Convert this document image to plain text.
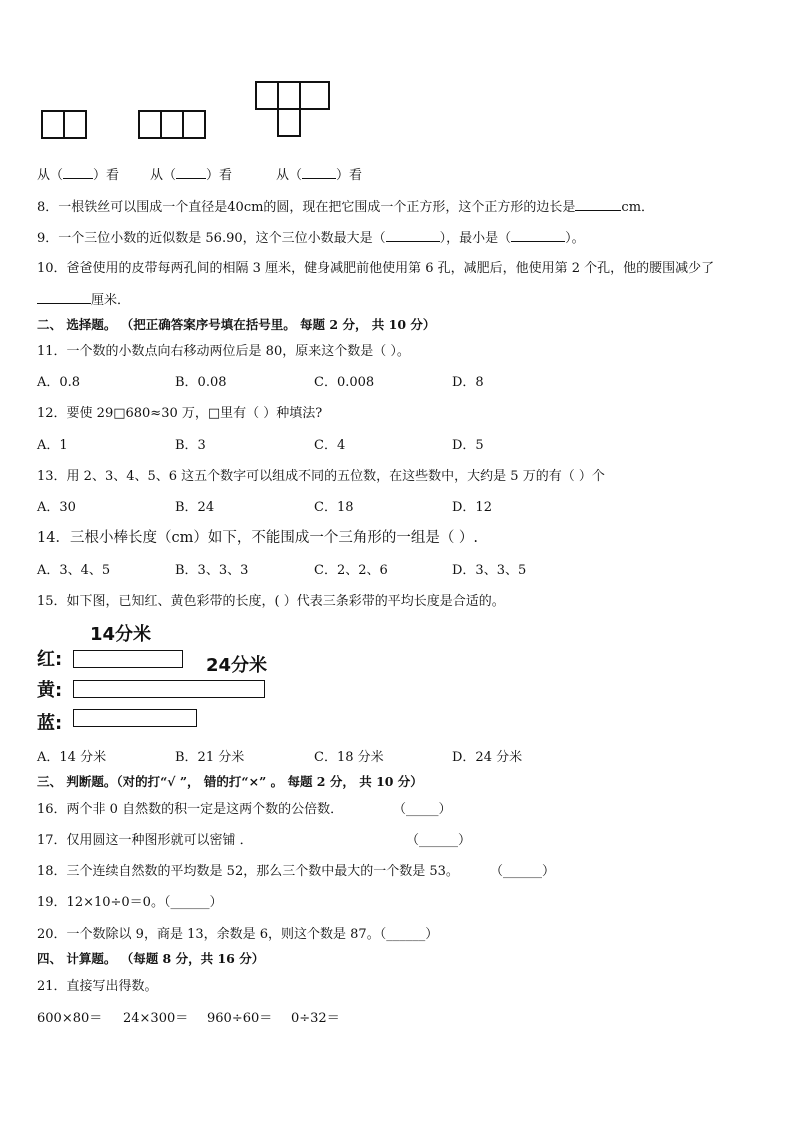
从（ ）看 从（ ）看	从（	）看
8．一根铁丝可以围成一个直径是40cm的圆，现在把它围成一个正方形，这个正方形的边长是	cm．
9．一个三位小数的近似数是 56.90，这个三位小数最大是（	），最小是（	）。
10．爸爸使用的皮带每两孔间的相隔 3 厘米，健身减肥前他使用第 6 孔，减肥后，他使用第 2 个孔，他的腰围减少了
厘米．
二、 选择题。 （把正确答案序号填在括号里。 每题 2 分， 共 10 分）
11．一个数的小数点向右移动两位后是 80，原来这个数是（ ）。
A．0.8	B．0.08	C．0.008	D．8
12．要使 29□680≈30 万，□里有（ ）种填法?
A．1	B．3	C．4	D．5
13．用 2、3、4、5、6 这五个数字可以组成不同的五位数，在这些数中，大约是 5 万的有（ ）个
A．30	B．24	C．18	D．12
14．三根小棒长度（cm）如下，不能围成一个三角形的一组是（ ）.
A．3、4、5	B．3、3、3	C．2、2、6	D．3、3、5
15．如下图，已知红、黄色彩带的长度，( ）代表三条彩带的平均长度是合适的。
14分米
红:	24分米
黄:
蓝:
A．14 分米	B．21 分米	C．18 分米	D．24 分米
三、 判断题。（对的打“√ ”， 错的打“×” 。 每题 2 分， 共 10 分）
16．两个非 0 自然数的积一定是这两个数的公倍数．	（_____）
17．仅用圆这一种图形就可以密铺 ．	（______）
18．三个连续自然数的平均数是 52，那么三个数中最大的一个数是 53。 （______）
19．12×10÷0＝0。（______）
20．一个数除以 9，商是 13，余数是 6，则这个数是 87。（______）
四、 计算题。 （每题 8 分，共 16 分）
21．直接写出得数。
600×80＝ 24×300＝ 960÷60＝ 0÷32＝
